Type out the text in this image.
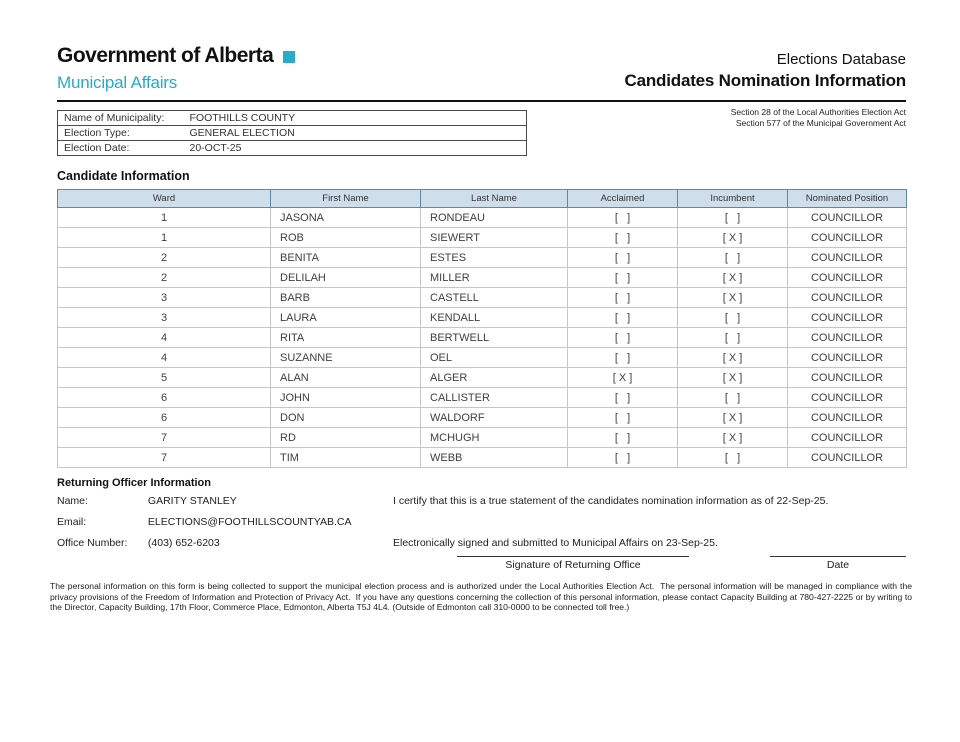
Government of Alberta
Municipal Affairs
Elections Database
Candidates Nomination Information
Section 28 of the Local Authorities Election Act
Section 577 of the Municipal Government Act
Name of Municipality:	FOOTHILLS COUNTY
Election Type:	GENERAL ELECTION
Election Date:	20-OCT-25
Candidate Information
Ward	First Name	Last Name	Acclaimed	Incumbent	Nominated Position
1	JASONA	RONDEAU	[   ]	[   ]	COUNCILLOR
1	ROB	SIEWERT	[   ]	[ X ]	COUNCILLOR
2	BENITA	ESTES	[   ]	[   ]	COUNCILLOR
2	DELILAH	MILLER	[   ]	[ X ]	COUNCILLOR
3	BARB	CASTELL	[   ]	[ X ]	COUNCILLOR
3	LAURA	KENDALL	[   ]	[   ]	COUNCILLOR
4	RITA	BERTWELL	[   ]	[   ]	COUNCILLOR
4	SUZANNE	OEL	[   ]	[ X ]	COUNCILLOR
5	ALAN	ALGER	[ X ]	[ X ]	COUNCILLOR
6	JOHN	CALLISTER	[   ]	[   ]	COUNCILLOR
6	DON	WALDORF	[   ]	[ X ]	COUNCILLOR
7	RD	MCHUGH	[   ]	[ X ]	COUNCILLOR
7	TIM	WEBB	[   ]	[   ]	COUNCILLOR
Returning Officer Information
Name:	GARITY STANLEY
Email:	ELECTIONS@FOOTHILLSCOUNTYAB.CA
Office Number: (403) 652-6203
I certify that this is a true statement of the candidates nomination information as of 22-Sep-25.
Electronically signed and submitted to Municipal Affairs on 23-Sep-25.
Signature of Returning Office	Date
The personal information on this form is being collected to support the municipal election process and is authorized under the Local Authorities Election Act.  The personal information will be managed in compliance with the privacy provisions of the Freedom of Information and Protection of Privacy Act.  If you have any questions concerning the collection of this personal information, please contact Capacity Building at 780-427-2225 or by writing to the Director, Capacity Building, 17th Floor, Commerce Place, Edmonton, Alberta T5J 4L4. (Outside of Edmonton call 310-0000 to be connected toll free.)
